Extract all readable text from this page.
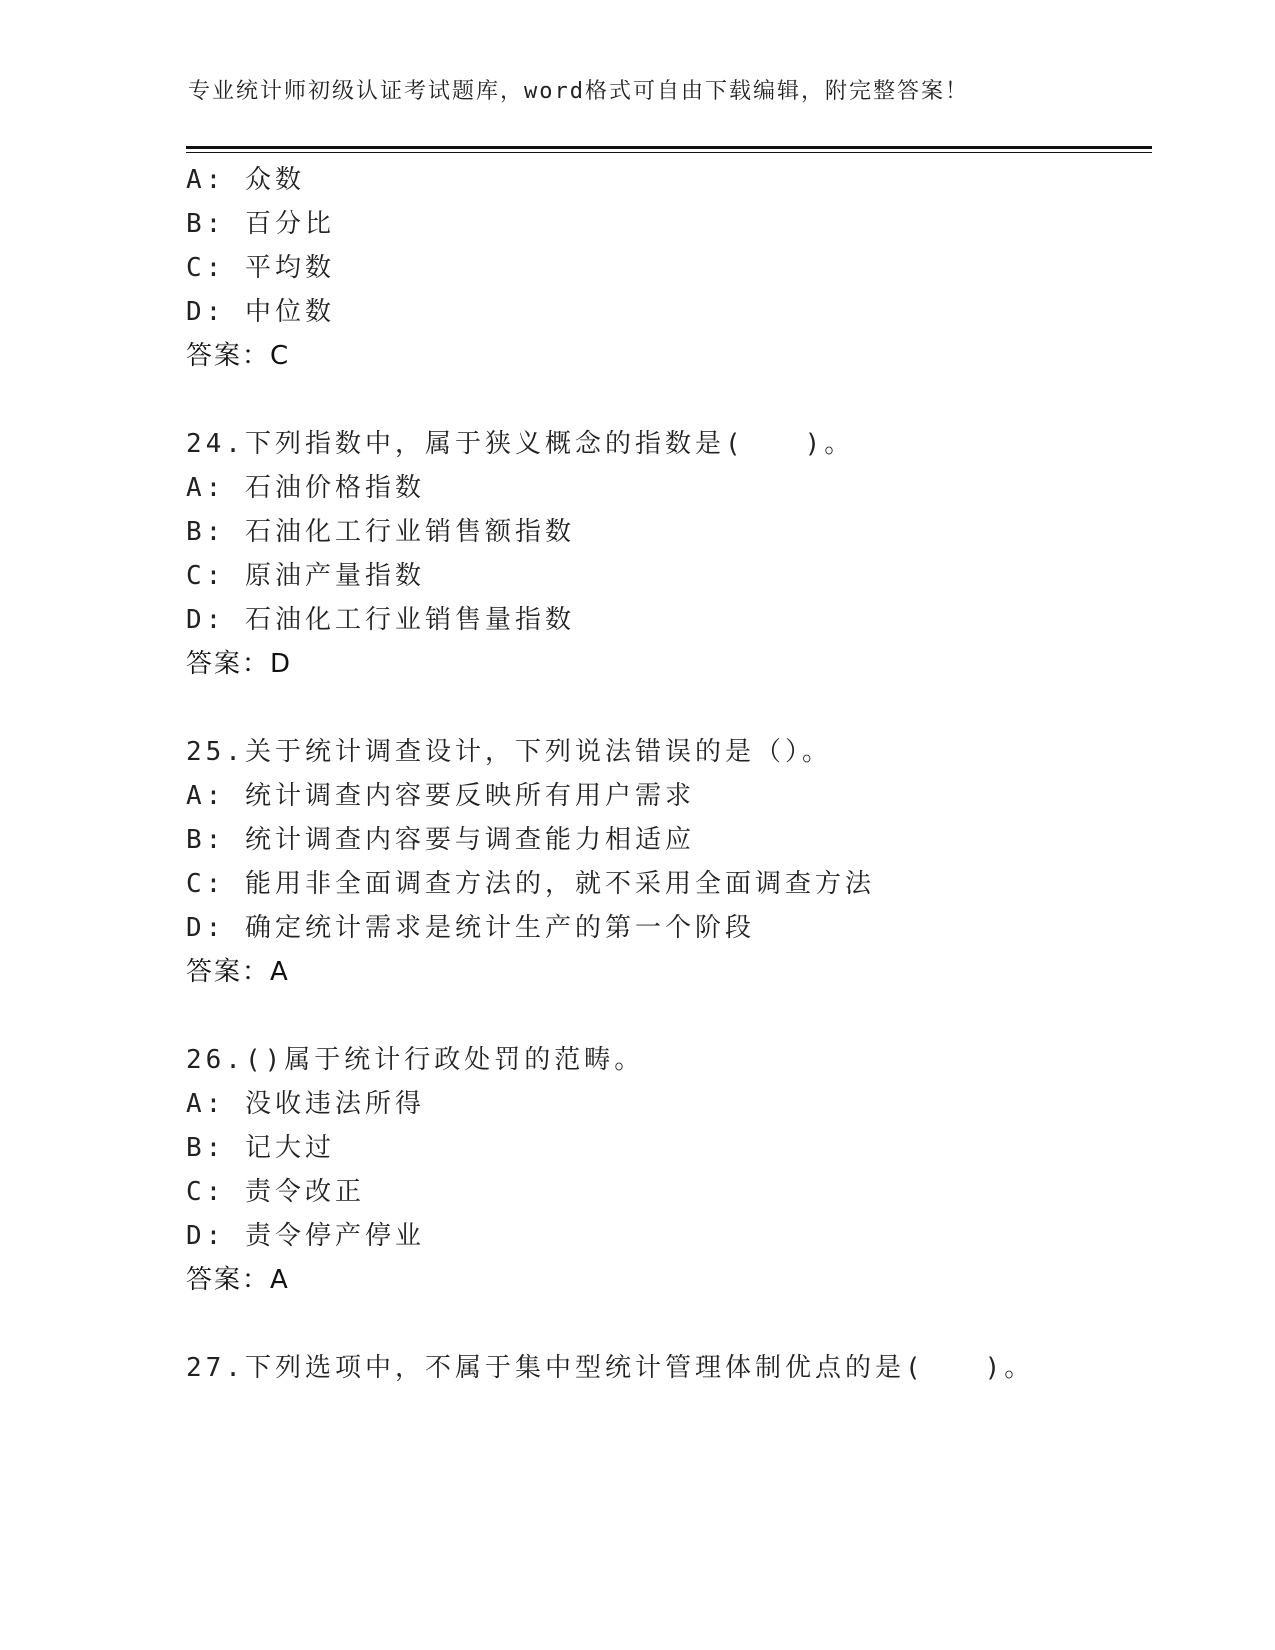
专业统计师初级认证考试题库，word格式可自由下载编辑，附完整答案！
A: 众数
B: 百分比
C: 平均数
D: 中位数
答案：C
24.下列指数中，属于狭义概念的指数是(　　)。
A: 石油价格指数
B: 石油化工行业销售额指数
C: 原油产量指数
D: 石油化工行业销售量指数
答案：D
25.关于统计调查设计，下列说法错误的是（）。
A: 统计调查内容要反映所有用户需求
B: 统计调查内容要与调查能力相适应
C: 能用非全面调查方法的，就不采用全面调查方法
D: 确定统计需求是统计生产的第一个阶段
答案：A
26.()属于统计行政处罚的范畴。
A: 没收违法所得
B: 记大过
C: 责令改正
D: 责令停产停业
答案：A
27.下列选项中，不属于集中型统计管理体制优点的是(　　)。
